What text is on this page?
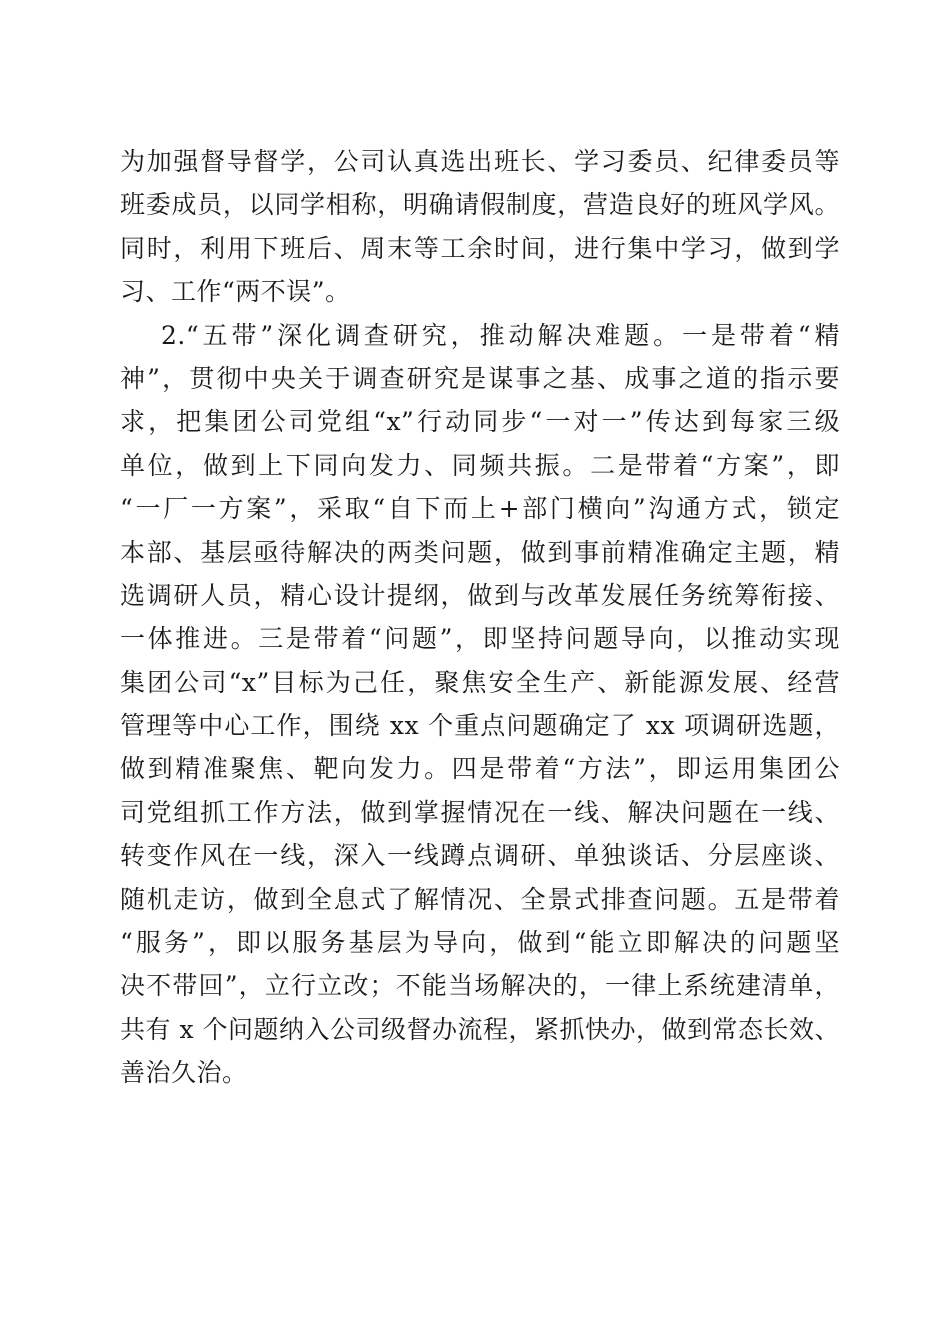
为加强督导督学，公司认真选出班长、学习委员、纪律委员等
班委成员，以同学相称，明确请假制度，营造良好的班风学风。
同时，利用下班后、周末等工余时间，进行集中学习，做到学
习、工作“两不误”。
2.“五带”深化调查研究，推动解决难题。一是带着“精
神”，贯彻中央关于调查研究是谋事之基、成事之道的指示要
求，把集团公司党组“x”行动同步“一对一”传达到每家三级
单位，做到上下同向发力、同频共振。二是带着“方案”，即
“一厂一方案”，采取“自下而上+部门横向”沟通方式，锁定
本部、基层亟待解决的两类问题，做到事前精准确定主题，精
选调研人员，精心设计提纲，做到与改革发展任务统筹衔接、
一体推进。三是带着“问题”，即坚持问题导向，以推动实现
集团公司“x”目标为己任，聚焦安全生产、新能源发展、经营
管理等中心工作，围绕 xx 个重点问题确定了 xx 项调研选题，
做到精准聚焦、靶向发力。四是带着“方法”，即运用集团公
司党组抓工作方法，做到掌握情况在一线、解决问题在一线、
转变作风在一线，深入一线蹲点调研、单独谈话、分层座谈、
随机走访，做到全息式了解情况、全景式排查问题。五是带着
“服务”，即以服务基层为导向，做到“能立即解决的问题坚
决不带回”，立行立改；不能当场解决的，一律上系统建清单，
共有 x 个问题纳入公司级督办流程，紧抓快办，做到常态长效、
善治久治。
